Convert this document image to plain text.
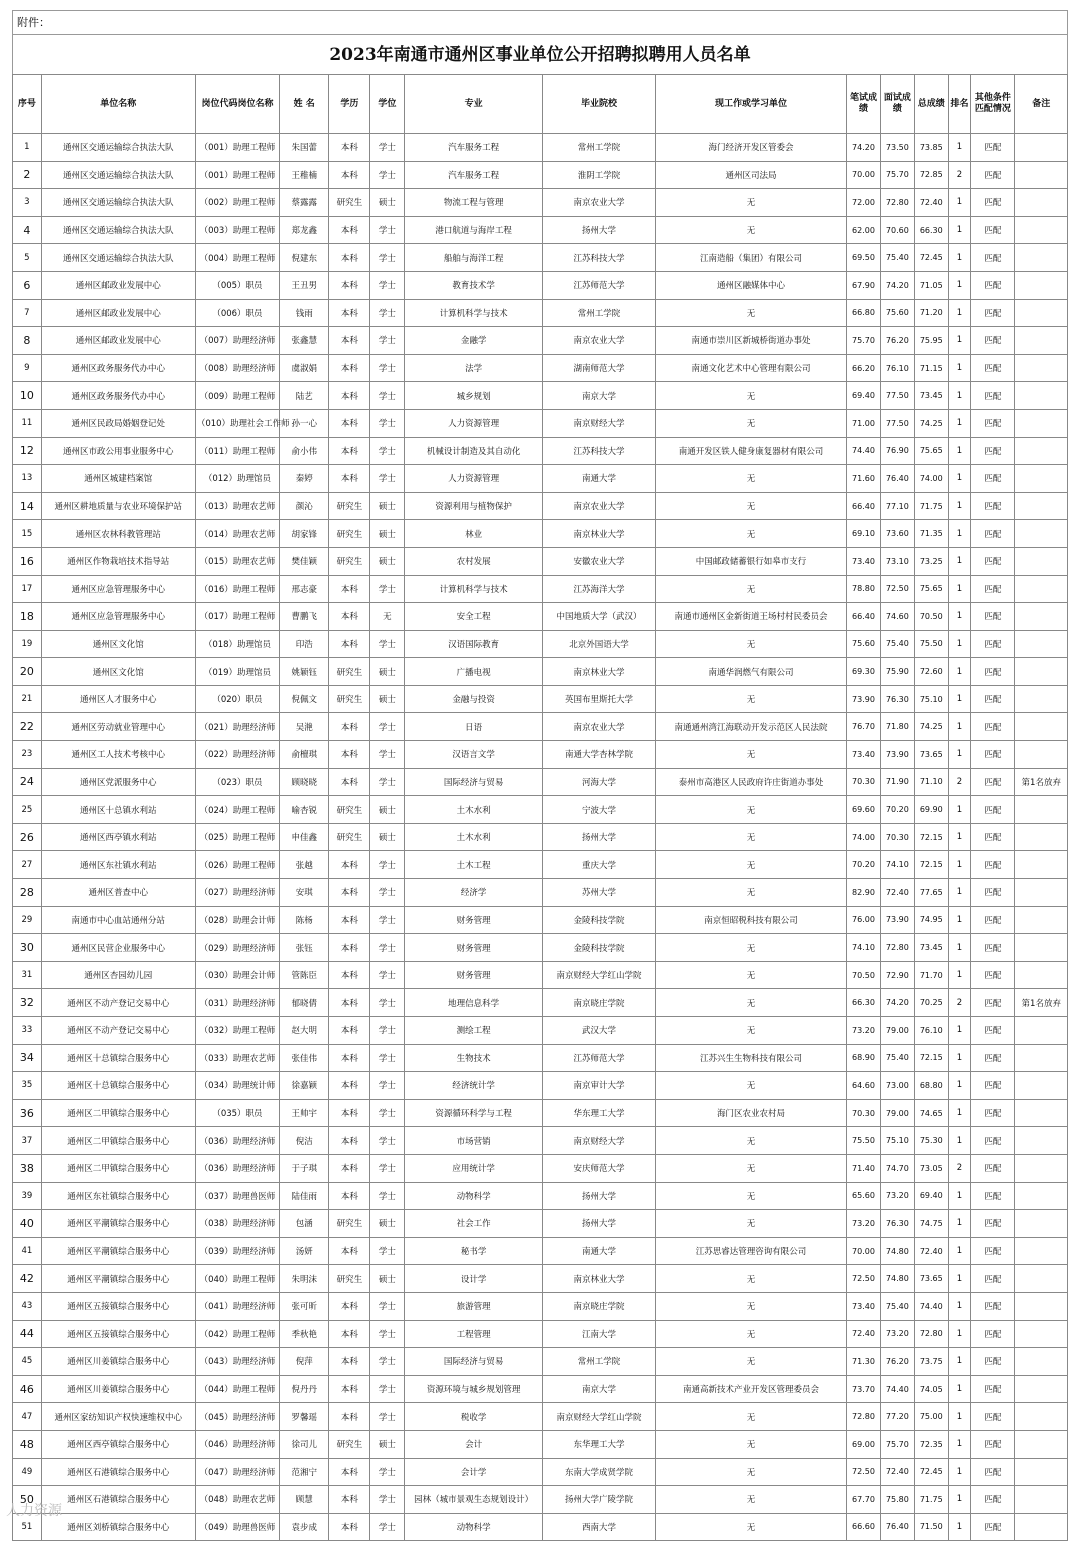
附件：
2023年南通市通州区事业单位公开招聘拟聘用人员名单
序号	单位名称	岗位代码岗位名称	姓 名	学历	学位	专业	毕业院校	现工作或学习单位	笔试成绩	面试成绩	总成绩	排名	其他条件匹配情况	备注
1	通州区交通运输综合执法大队	（001）助理工程师	朱国蕾	本科	学士	汽车服务工程	常州工学院	海门经济开发区管委会	74.20	73.50	73.85	1	匹配	
2	通州区交通运输综合执法大队	（001）助理工程师	王稚楠	本科	学士	汽车服务工程	淮阴工学院	通州区司法局	70.00	75.70	72.85	2	匹配	
3	通州区交通运输综合执法大队	（002）助理工程师	蔡露露	研究生	硕士	物流工程与管理	南京农业大学	无	72.00	72.80	72.40	1	匹配	
4	通州区交通运输综合执法大队	（003）助理工程师	郑龙鑫	本科	学士	港口航道与海岸工程	扬州大学	无	62.00	70.60	66.30	1	匹配	
5	通州区交通运输综合执法大队	（004）助理工程师	倪建东	本科	学士	船舶与海洋工程	江苏科技大学	江南造船（集团）有限公司	69.50	75.40	72.45	1	匹配	
6	通州区邮政业发展中心	（005）职员	王丑男	本科	学士	教育技术学	江苏师范大学	通州区融媒体中心	67.90	74.20	71.05	1	匹配	
7	通州区邮政业发展中心	（006）职员	钱雨	本科	学士	计算机科学与技术	常州工学院	无	66.80	75.60	71.20	1	匹配	
8	通州区邮政业发展中心	（007）助理经济师	张鑫慧	本科	学士	金融学	南京农业大学	南通市崇川区新城桥街道办事处	75.70	76.20	75.95	1	匹配	
9	通州区政务服务代办中心	（008）助理经济师	虞淑娟	本科	学士	法学	湖南师范大学	南通文化艺术中心管理有限公司	66.20	76.10	71.15	1	匹配	
10	通州区政务服务代办中心	（009）助理工程师	陆艺	本科	学士	城乡规划	南京大学	无	69.40	77.50	73.45	1	匹配	
11	通州区民政局婚姻登记处	（010）助理社会工作师	孙一心	本科	学士	人力资源管理	南京财经大学	无	71.00	77.50	74.25	1	匹配	
12	通州区市政公用事业服务中心	（011）助理工程师	俞小伟	本科	学士	机械设计制造及其自动化	江苏科技大学	南通开发区铁人健身康复器材有限公司	74.40	76.90	75.65	1	匹配	
13	通州区城建档案馆	（012）助理馆员	秦婷	本科	学士	人力资源管理	南通大学	无	71.60	76.40	74.00	1	匹配	
14	通州区耕地质量与农业环境保护站	（013）助理农艺师	颜沁	研究生	硕士	资源利用与植物保护	南京农业大学	无	66.40	77.10	71.75	1	匹配	
15	通州区农林科教管理站	（014）助理农艺师	胡家锋	研究生	硕士	林业	南京林业大学	无	69.10	73.60	71.35	1	匹配	
16	通州区作物栽培技术指导站	（015）助理农艺师	樊佳颖	研究生	硕士	农村发展	安徽农业大学	中国邮政储蓄银行如皋市支行	73.40	73.10	73.25	1	匹配	
17	通州区应急管理服务中心	（016）助理工程师	邢志豪	本科	学士	计算机科学与技术	江苏海洋大学	无	78.80	72.50	75.65	1	匹配	
18	通州区应急管理服务中心	（017）助理工程师	曹鹏飞	本科	无	安全工程	中国地质大学（武汉）	南通市通州区金新街道王场村村民委员会	66.40	74.60	70.50	1	匹配	
19	通州区文化馆	（018）助理馆员	印浩	本科	学士	汉语国际教育	北京外国语大学	无	75.60	75.40	75.50	1	匹配	
20	通州区文化馆	（019）助理馆员	姚颖钰	研究生	硕士	广播电视	南京林业大学	南通华润燃气有限公司	69.30	75.90	72.60	1	匹配	
21	通州区人才服务中心	（020）职员	倪佩文	研究生	硕士	金融与投资	英国布里斯托大学	无	73.90	76.30	75.10	1	匹配	
22	通州区劳动就业管理中心	（021）助理经济师	吴滟	本科	学士	日语	南京农业大学	南通通州湾江海联动开发示范区人民法院	76.70	71.80	74.25	1	匹配	
23	通州区工人技术考核中心	（022）助理经济师	俞檀琪	本科	学士	汉语言文学	南通大学杏林学院	无	73.40	73.90	73.65	1	匹配	
24	通州区党派服务中心	（023）职员	顾晓晓	本科	学士	国际经济与贸易	河海大学	泰州市高港区人民政府许庄街道办事处	70.30	71.90	71.10	2	匹配	第1名放弃
25	通州区十总镇水利站	（024）助理工程师	喻杏锐	研究生	硕士	土木水利	宁波大学	无	69.60	70.20	69.90	1	匹配	
26	通州区西亭镇水利站	（025）助理工程师	申佳鑫	研究生	硕士	土木水利	扬州大学	无	74.00	70.30	72.15	1	匹配	
27	通州区东社镇水利站	（026）助理工程师	张越	本科	学士	土木工程	重庆大学	无	70.20	74.10	72.15	1	匹配	
28	通州区普查中心	（027）助理经济师	安琪	本科	学士	经济学	苏州大学	无	82.90	72.40	77.65	1	匹配	
29	南通市中心血站通州分站	（028）助理会计师	陈杨	本科	学士	财务管理	金陵科技学院	南京恒昭税科技有限公司	76.00	73.90	74.95	1	匹配	
30	通州区民营企业服务中心	（029）助理经济师	张钰	本科	学士	财务管理	金陵科技学院	无	74.10	72.80	73.45	1	匹配	
31	通州区杏园幼儿园	（030）助理会计师	管陈臣	本科	学士	财务管理	南京财经大学红山学院	无	70.50	72.90	71.70	1	匹配	
32	通州区不动产登记交易中心	（031）助理经济师	郁晓倩	本科	学士	地理信息科学	南京晓庄学院	无	66.30	74.20	70.25	2	匹配	第1名放弃
33	通州区不动产登记交易中心	（032）助理工程师	赵大明	本科	学士	测绘工程	武汉大学	无	73.20	79.00	76.10	1	匹配	
34	通州区十总镇综合服务中心	（033）助理农艺师	张佳伟	本科	学士	生物技术	江苏师范大学	江苏兴生生物科技有限公司	68.90	75.40	72.15	1	匹配	
35	通州区十总镇综合服务中心	（034）助理统计师	徐嘉颖	本科	学士	经济统计学	南京审计大学	无	64.60	73.00	68.80	1	匹配	
36	通州区二甲镇综合服务中心	（035）职员	王帅宇	本科	学士	资源循环科学与工程	华东理工大学	海门区农业农村局	70.30	79.00	74.65	1	匹配	
37	通州区二甲镇综合服务中心	（036）助理经济师	倪洁	本科	学士	市场营销	南京财经大学	无	75.50	75.10	75.30	1	匹配	
38	通州区二甲镇综合服务中心	（036）助理经济师	于子琪	本科	学士	应用统计学	安庆师范大学	无	71.40	74.70	73.05	2	匹配	
39	通州区东社镇综合服务中心	（037）助理兽医师	陆佳雨	本科	学士	动物科学	扬州大学	无	65.60	73.20	69.40	1	匹配	
40	通州区平潮镇综合服务中心	（038）助理经济师	包涵	研究生	硕士	社会工作	扬州大学	无	73.20	76.30	74.75	1	匹配	
41	通州区平潮镇综合服务中心	（039）助理经济师	汤妍	本科	学士	秘书学	南通大学	江苏思睿达管理咨询有限公司	70.00	74.80	72.40	1	匹配	
42	通州区平潮镇综合服务中心	（040）助理工程师	朱明沫	研究生	硕士	设计学	南京林业大学	无	72.50	74.80	73.65	1	匹配	
43	通州区五接镇综合服务中心	（041）助理经济师	张可昕	本科	学士	旅游管理	南京晓庄学院	无	73.40	75.40	74.40	1	匹配	
44	通州区五接镇综合服务中心	（042）助理工程师	季秋艳	本科	学士	工程管理	江南大学	无	72.40	73.20	72.80	1	匹配	
45	通州区川姜镇综合服务中心	（043）助理经济师	倪萍	本科	学士	国际经济与贸易	常州工学院	无	71.30	76.20	73.75	1	匹配	
46	通州区川姜镇综合服务中心	（044）助理工程师	倪丹丹	本科	学士	资源环境与城乡规划管理	南京大学	南通高新技术产业开发区管理委员会	73.70	74.40	74.05	1	匹配	
47	通州区家纺知识产权快速维权中心	（045）助理经济师	罗馨瑶	本科	学士	税收学	南京财经大学红山学院	无	72.80	77.20	75.00	1	匹配	
48	通州区西亭镇综合服务中心	（046）助理经济师	徐司儿	研究生	硕士	会计	东华理工大学	无	69.00	75.70	72.35	1	匹配	
49	通州区石港镇综合服务中心	（047）助理经济师	范湘宁	本科	学士	会计学	东南大学成贤学院	无	72.50	72.40	72.45	1	匹配	
50	通州区石港镇综合服务中心	（048）助理农艺师	顾慧	本科	学士	园林（城市景观生态规划设计）	扬州大学广陵学院	无	67.70	75.80	71.75	1	匹配	
51	通州区刘桥镇综合服务中心	（049）助理兽医师	袁步成	本科	学士	动物科学	西南大学	无	66.60	76.40	71.50	1	匹配	
人力资源
